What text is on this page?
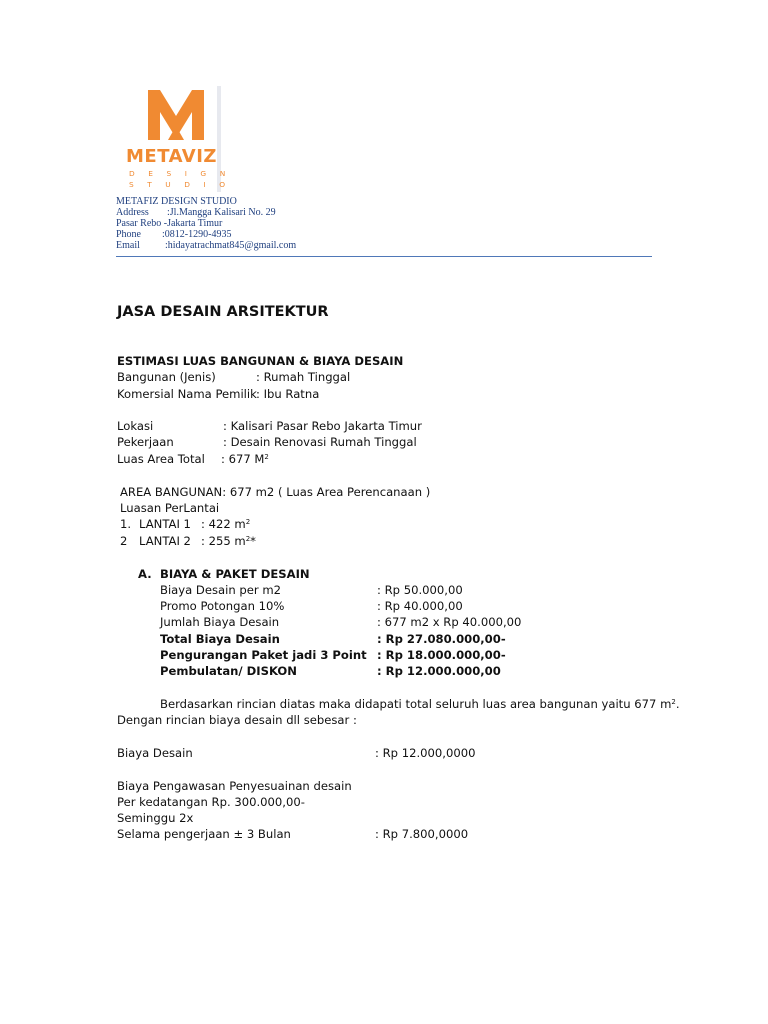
METAVIZ
D E S I G N
S T U D I O
METAFIZ DESIGN STUDIO
Address :Jl.Mangga Kalisari No. 29
Pasar Rebo -Jakarta Timur
Phone :0812-1290-4935
Email	:hidayatrachmat845@gmail.com
JASA DESAIN ARSITEKTUR
ESTIMASI LUAS BANGUNAN & BIAYA DESAIN
Bangunan (Jenis)	: Rumah Tinggal
Komersial Nama Pemilik : Ibu Ratna
Lokasi	: Kalisari Pasar Rebo Jakarta Timur
Pekerjaan	: Desain Renovasi Rumah Tinggal
Luas Area Total : 677 $M^2$
AREA BANGUNAN: 677 m2 ( Luas Area Perencanaan )
Luasan PerLantai
1. LANTAI 1 : 422 $m^2$
2 LANTAI 2 : 255 $m^2*$
A. BIAYA & PAKET DESAIN
Biaya Desain per m2	: Rp 50.000,00
Promo Potongan 10%	: Rp 40.000,00
Jumlah Biaya Desain	: 677 m2 x Rp 40.000,00
Total Biaya Desain	: Rp 27.080.000,00-
Pengurangan Paket jadi 3 Point : Rp 18.000.000,00-
Pembulatan/ DISKON	: Rp 12.000.000,00
Berdasarkan rincian diatas maka didapati total seluruh luas area bangunan yaitu 677 $m^2$.
Dengan rincian biaya desain dll sebesar :
Biaya Desain	: Rp 12.000,0000
Biaya Pengawasan Penyesuainan desain
Per kedatangan Rp. 300.000,00-
Seminggu 2x
Selama pengerjaan ± 3 Bulan	: Rp 7.800,0000
